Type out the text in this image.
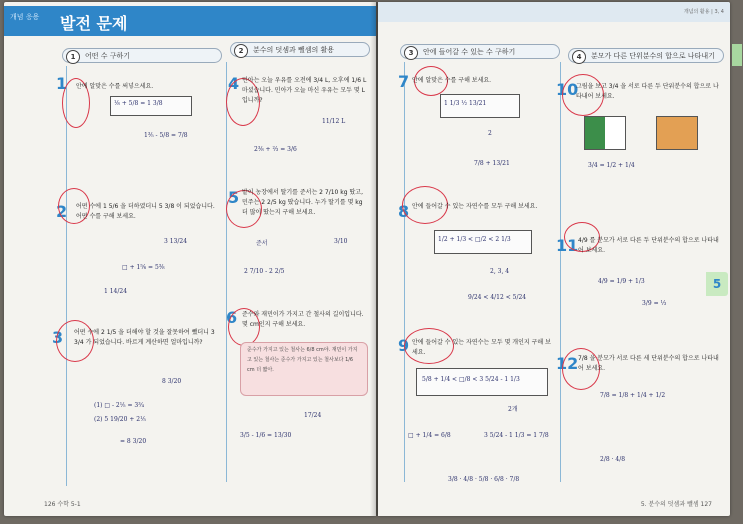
개념 응용 발전 문제
1	어떤 수 구하기
2	분수의 덧셈과 뺄셈의 활용
1 안에 알맞은 수를 써넣으세요.
⅛ + 5/8 = 1 3/8
1⅗ - 5/8 = 7/8
2 어떤 수에 1 5/6 을 더하였더니 5 3/8 이 되었습니다. 어떤 수를 구해 보세요.
3 13/24
□ + 1⅚ = 5⅜
1 14/24
3 어떤 수에 2 1/5 을 더해야 할 것을 잘못하여 뺐더니 3 3/4 가 되었습니다. 바르게 계산하면 얼마입니까?
8 3/20
(1) □ - 2⅕ = 3¾
(2) 5 19/20 + 2⅕
= 8 3/20
4 민아는 오늘 우유를 오전에 3/4 L, 오후에 1/6 L 마셨습니다. 민아가 오늘 마신 우유는 모두 몇 L입니까?
11/12 L
2⅜ + ⅔ = 3/6
5 밭이 농장에서 딸기를 준서는 2 7/10 kg 땄고, 민주는 2 2/5 kg 땄습니다. 누가 딸기를 몇 kg 더 많이 땄는지 구해 보세요.
준서	3/10
2 7/10 - 2 2/5
6 준수와 재민이가 가지고 간 철사의 길이입니다. 몇 cm인지 구해 보세요.
준수가 가지고 있는 철사는 6/8 cm야. 재민이 가지고 있는 철사는 준수가 가지고 있는 철사보다 1/6 cm 더 짧아.
17/24
3/5 - 1/6 = 13/30
126 수학 5-1
개념의 활용 | 3, 4
3	안에 들어갈 수 있는 수 구하기
4	분모가 다른 단위분수의 합으로 나타내기
7 안에 알맞은 수를 구해 보세요.
1 1/3 ½ 13/21
2
7/8 + 13/21
8 안에 들어갈 수 있는 자연수를 모두 구해 보세요.
1/2 + 1/3 < □/2 < 2 1/3
2, 3, 4
9/24 < 4/12 < 5/24
9 안에 들어갈 수 있는 자연수는 모두 몇 개인지 구해 보세요.
5/8 + 1/4 < □/8 < 3 5/24 - 1 1/3
2개
□ + 1/4 = 6/8	3 5/24 - 1 1/3 = 1 7/8
3/8 · 4/8 · 5/8 · 6/8 · 7/8
10
그림을 보고 3/4 을 서로 다른 두 단위분수의 합으로 나타내어 보세요.
3/4 = 1/2 + 1/4
11 4/9 를 분모가 서로 다른 두 단위분수의 합으로 나타내어 보세요.
4/9 = 1/9 + 1/3
3/9 = ⅓
12 7/8 을 분모가 서로 다른 세 단위분수의 합으로 나타내어 보세요.
7/8 = 1/8 + 1/4 + 1/2
2/8 · 4/8
5. 분수의 덧셈과 뺄셈 127
5
